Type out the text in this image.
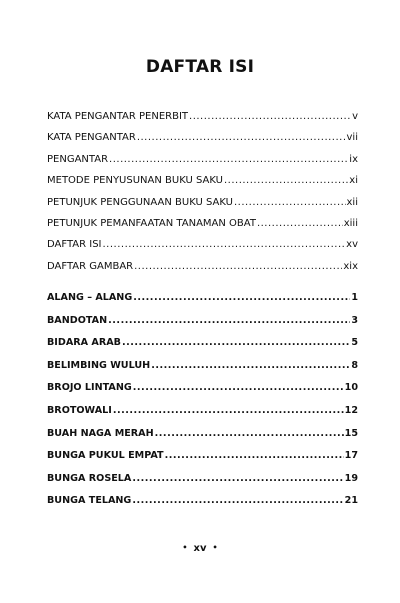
DAFTAR ISI
KATA PENGANTAR PENERBIT .....	v
KATA PENGANTAR .....	vii
PENGANTAR .....	ix
METODE PENYUSUNAN BUKU SAKU .....	xi
PETUNJUK PENGGUNAAN BUKU SAKU .....	xii
PETUNJUK PEMANFAATAN TANAMAN OBAT .....	xiii
DAFTAR ISI .....	xv
DAFTAR GAMBAR .....	xix
ALANG – ALANG .....	1
BANDOTAN .....	3
BIDARA ARAB .....	5
BELIMBING WULUH .....	8
BROJO LINTANG .....	10
BROTOWALI .....	12
BUAH NAGA MERAH .....	15
BUNGA PUKUL EMPAT .....	17
BUNGA ROSELA .....	19
BUNGA TELANG .....	21
• xv •
